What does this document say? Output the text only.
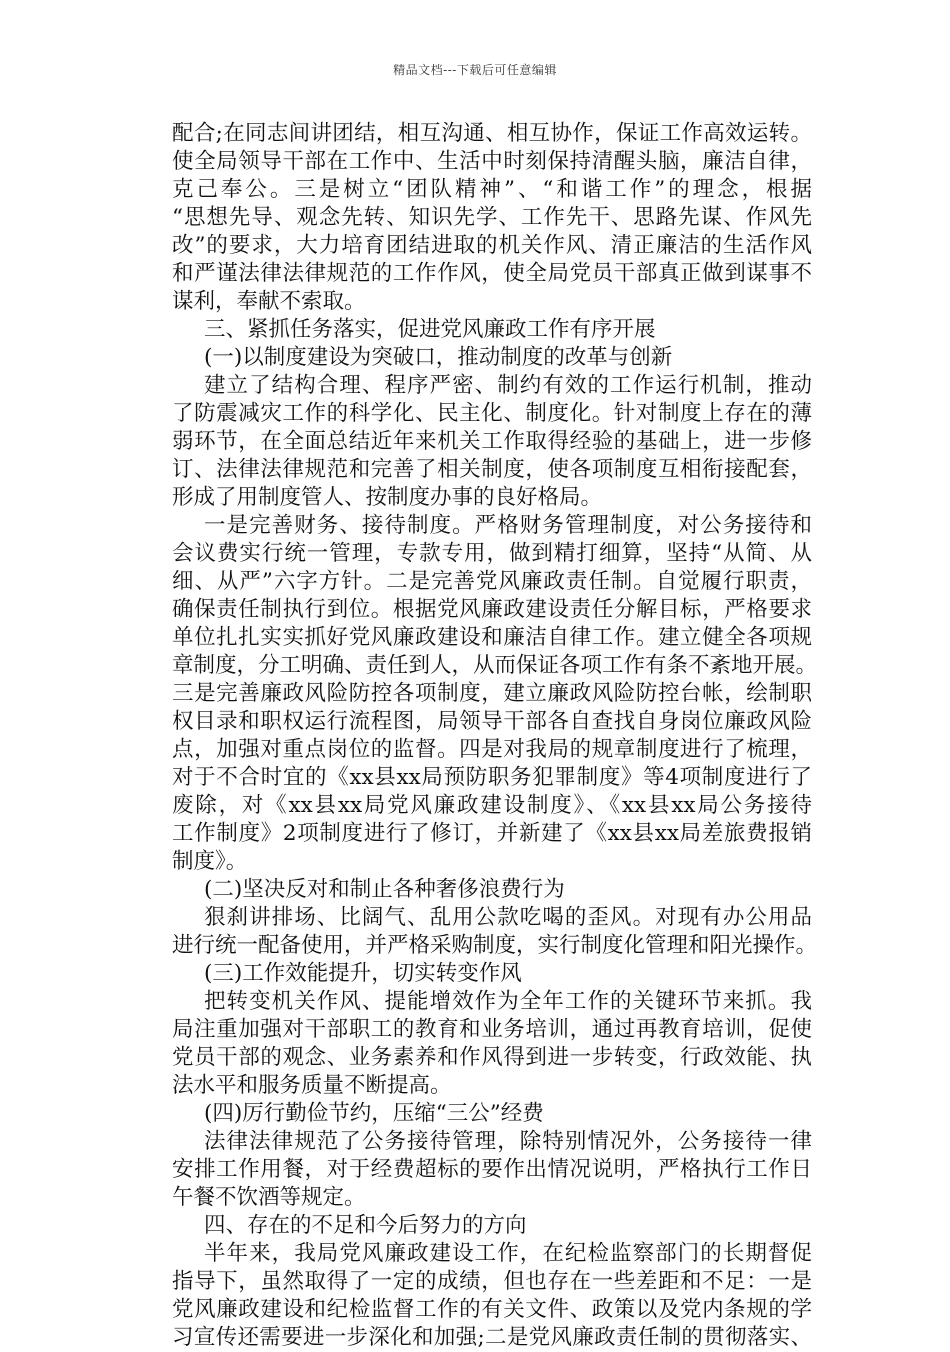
精品文档---下载后可任意编辑
配合;在同志间讲团结，相互沟通、相互协作，保证工作高效运转。
使全局领导干部在工作中、生活中时刻保持清醒头脑，廉洁自律，
克己奉公。三是树立“团队精神”、“和谐工作”的理念，根据
“思想先导、观念先转、知识先学、工作先干、思路先谋、作风先
改”的要求，大力培育团结进取的机关作风、清正廉洁的生活作风
和严谨法律法律规范的工作作风，使全局党员干部真正做到谋事不
谋利，奉献不索取。
三、紧抓任务落实，促进党风廉政工作有序开展
(一)以制度建设为突破口，推动制度的改革与创新
建立了结构合理、程序严密、制约有效的工作运行机制，推动
了防震减灾工作的科学化、民主化、制度化。针对制度上存在的薄
弱环节，在全面总结近年来机关工作取得经验的基础上，进一步修
订、法律法律规范和完善了相关制度，使各项制度互相衔接配套，
形成了用制度管人、按制度办事的良好格局。
一是完善财务、接待制度。严格财务管理制度，对公务接待和
会议费实行统一管理，专款专用，做到精打细算，坚持“从简、从
细、从严”六字方针。二是完善党风廉政责任制。自觉履行职责，
确保责任制执行到位。根据党风廉政建设责任分解目标，严格要求
单位扎扎实实抓好党风廉政建设和廉洁自律工作。建立健全各项规
章制度，分工明确、责任到人，从而保证各项工作有条不紊地开展。
三是完善廉政风险防控各项制度，建立廉政风险防控台帐，绘制职
权目录和职权运行流程图，局领导干部各自查找自身岗位廉政风险
点，加强对重点岗位的监督。四是对我局的规章制度进行了梳理，
对于不合时宜的《xx县xx局预防职务犯罪制度》等4项制度进行了
废除，对《xx县xx局党风廉政建设制度》、《xx县xx局公务接待
工作制度》2项制度进行了修订，并新建了《xx县xx局差旅费报销
制度》。
(二)坚决反对和制止各种奢侈浪费行为
狠刹讲排场、比阔气、乱用公款吃喝的歪风。对现有办公用品
进行统一配备使用，并严格采购制度，实行制度化管理和阳光操作。
(三)工作效能提升，切实转变作风
把转变机关作风、提能增效作为全年工作的关键环节来抓。我
局注重加强对干部职工的教育和业务培训，通过再教育培训，促使
党员干部的观念、业务素养和作风得到进一步转变，行政效能、执
法水平和服务质量不断提高。
(四)厉行勤俭节约，压缩“三公”经费
法律法律规范了公务接待管理，除特别情况外，公务接待一律
安排工作用餐，对于经费超标的要作出情况说明，严格执行工作日
午餐不饮酒等规定。
四、存在的不足和今后努力的方向
半年来，我局党风廉政建设工作，在纪检监察部门的长期督促
指导下，虽然取得了一定的成绩，但也存在一些差距和不足：一是
党风廉政建设和纪检监督工作的有关文件、政策以及党内条规的学
习宣传还需要进一步深化和加强;二是党风廉政责任制的贯彻落实、
